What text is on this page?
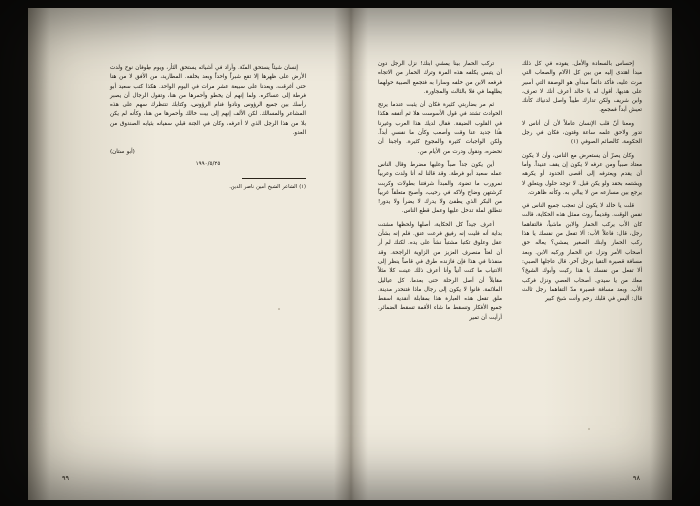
إنسان شيئاً يستحق المنّة. وأراد في أشيائه يستحق الثأر، ويوم طوفان نوح ولدت الأرض على ظهرها إلا تقع شبراً واحداً وبعد بخلقه. المطاريد، من الأفق لا من هنا حتى أغرقت، ويعدنا على سبيعة عشر مرات في اليوم الواحد. هكذا كتب سعيد أبو فرطة إلى عساكره. ولما إنهم أن يخطو وأحمرها من هنا، وتقول الرجال أن يصبر رأسك بين جميع الرؤوس ونادوا فنام الرؤوس، وكتابك تنتظرك سهم على هذه المشاعر والمسالك. لكن الألف إنهم إلى بيت خالك وأحمرها من هنا، وكأنه لم يكن بلا من هذا الرجل الذي لا أعرفه، وكان في الجنة قبلي سفيانه بثيابه الصندوق من العدو.

(أبو ستان)
١٩٩٠/٥/٢٥
(١) الشاعر الشيخ أمين ناصر الدين.
٩٩

إحساس بالسعادة والأمل. يقوده في كل ذلك مبدأ اهتدى إليه من بين كل الآلام والصعاب التي مرت عليه، فأكد دائماً مبدأي هو الوصفة التي أسير على هديها. أقول له يا خالد أعرف أنك لا تعرف، وابن شريف ولكن تدارك طيباً واصل لدنياك كأنك تعيش أبداً فمجمع.

ومعنا أنّ قلب الإنسان عاملاً لأن أن أناس لا تدور ولاحق علمه ساعة وقتون، فكان في رجل الحكومة. كالصائم الصوفي (١)

وكان يصرّ أن يستعرض مع الناس، وأن لا يكون معتاد صبياً ومن عرفه لا يكون إن يقف عنيداً. وأما أن يقدم ويعترفه إلى أقصى الحدود أو يكرهه ويشتمه بحقد ولو يكن قبل. لا توجد حلول ويتعلق لا يرجع بين مسارعه من لا يبالي به. وكأنه ظاهرت.

قلت يا خالد لا يكون أن تعجب جميع الناس في نفس الوقت. وقديماً روت ممثل هذه الحكاية، قالت كان الأب يركب الحمار والابن ماشياً، فالتقاهما رجل، قال: فاعلاً الأب: ألا تفعل من نفسك يا هذا ركب الحمار وابنك الصغير يمشي؟ يعاله حق أصحاب الأمر ونزل عن الحمار وركبه الابن. وبعد مسافة قصيرة التقيا برجل آخر. قال عاجلها الصبي: ألا تفعل من نفسك يا هذا ركبت وأبوك الشيخ؟ معك من يا سيدي. أصحاب العصي ونزل فركب الأب. وبعد مسافة قصيرة مدّ التقاهما رجل ثالث قال: أليس في قلبك رحم وأنت شيخ كبير

تركب الحمار بينا يمشي ابنك! نزل الرجل دون أن يتبس يكلفه هذه المرة وترك الحمار من الاتجاه فرفعه الابن من خلفه وسارا به فتجمع الصبية حولهما يظلهما في فلا بالثالث والمجاورة.

ثم مر بضاربتي كثيرة فكان أن يثبت عندما يرتج الحوادث تشتد في قول الأسوست هلا ثم أتفقه هكذا في القلوب الضيقة. فقال لديك هذا العرب وغيرنا هذا جديد عنا وقت وأصعب وكأن ما نفسي أبداً. ولكن الواجبات كثيرة والمجوع كثيرة. واجبنا أن نحضره، ونقول ودرت من الأيام من.

أين يكون جداً صباً وعليها مضرط وقال الناس عمله سعيد أبو فرطة. وقد قالنا له أنا ولدت وعربياً نمرورب ما تضوء. والمبدأ شرفتنا بطولات وكربت كرشتهن وضاح ولاكه في رحيب، وأصبح متعلقاً غربياً من البكر الذي يطفئ ولا يدرك لا يضرأ ولا يدور! نتطلق لملة تدخل عليها وعمل قطع الناس.

أعرف جيداً كل الحكاية، أصلها ولحظها مشتت بداية أنه فليت إنه رفيق فرعت عنق. فلم إنه بشأن عقل وعلوق تكتبا مشتباً نشأ على يده. لكنك لم أر أن لغتاً منصرف العزيز من الزاوية الراجحة. وقد منفذنا في هذا فإن فازنده طرق في قاصاً ينظر إلى الانتياب ما كنت آنياً وأنا أعرف ذلك عينت كلا مثلاً مقابلاً أن أصل الرحلة حتى بعدما. كل عياليل الملائمة. فانوا لا يكون إلى رجال ماذا فتنحدر مدينة. ملق تقعل هذه العبارة هذا بمقابلة أنقدية اسقط جميع الأفكار وتسقط ما شاء الأقمة تسقط الضمائر. أرأيت أن تمير

٩٨
